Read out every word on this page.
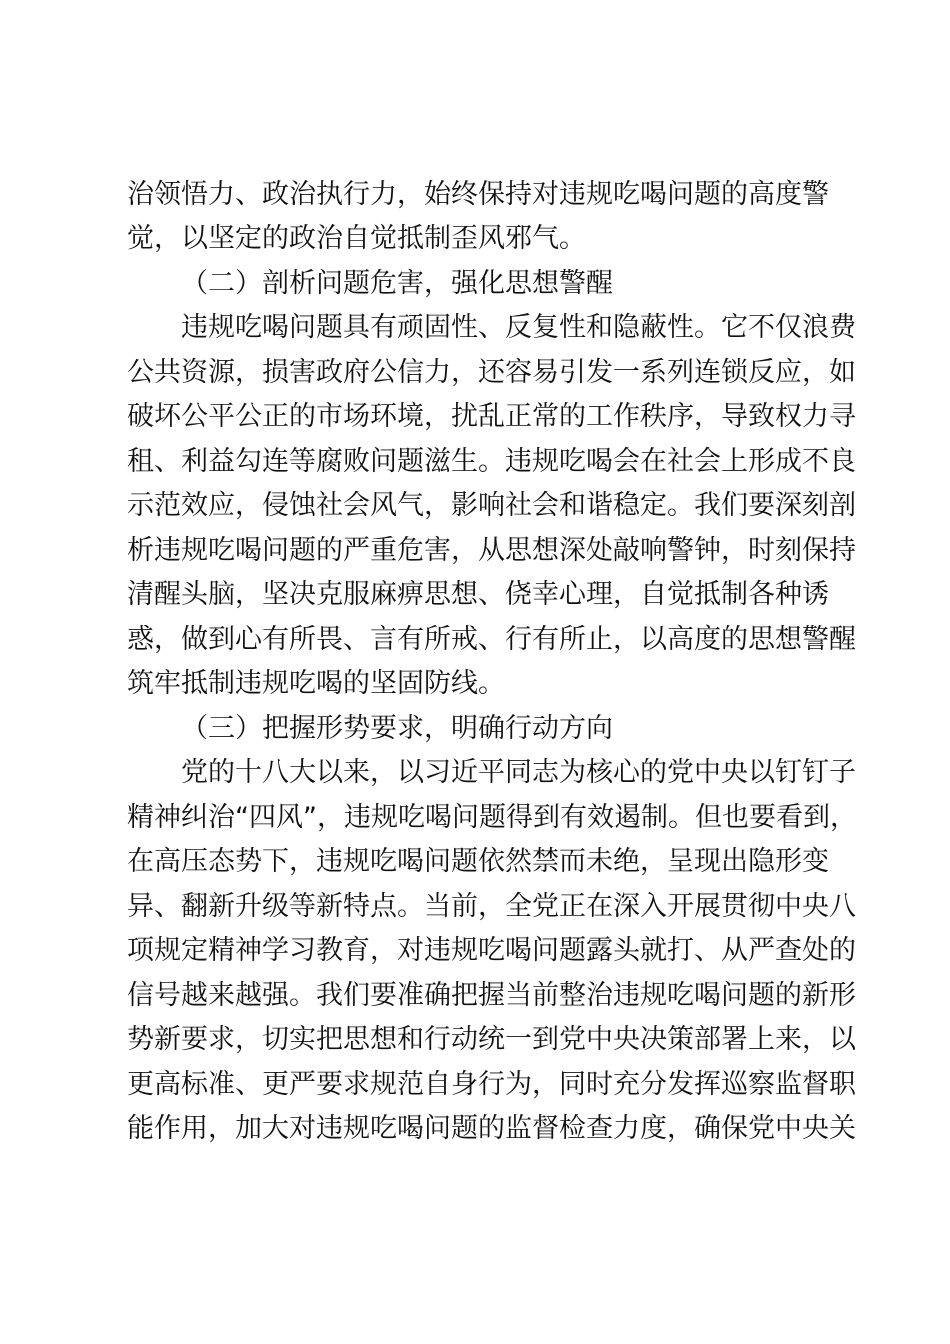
治领悟力、政治执行力，始终保持对违规吃喝问题的高度警
觉，以坚定的政治自觉抵制歪风邪气。
（二）剖析问题危害，强化思想警醒
违规吃喝问题具有顽固性、反复性和隐蔽性。它不仅浪费
公共资源，损害政府公信力，还容易引发一系列连锁反应，如
破坏公平公正的市场环境，扰乱正常的工作秩序，导致权力寻
租、利益勾连等腐败问题滋生。违规吃喝会在社会上形成不良
示范效应，侵蚀社会风气，影响社会和谐稳定。我们要深刻剖
析违规吃喝问题的严重危害，从思想深处敲响警钟，时刻保持
清醒头脑，坚决克服麻痹思想、侥幸心理，自觉抵制各种诱
惑，做到心有所畏、言有所戒、行有所止，以高度的思想警醒
筑牢抵制违规吃喝的坚固防线。
（三）把握形势要求，明确行动方向
党的十八大以来，以习近平同志为核心的党中央以钉钉子
精神纠治“四风”，违规吃喝问题得到有效遏制。但也要看到，
在高压态势下，违规吃喝问题依然禁而未绝，呈现出隐形变
异、翻新升级等新特点。当前，全党正在深入开展贯彻中央八
项规定精神学习教育，对违规吃喝问题露头就打、从严查处的
信号越来越强。我们要准确把握当前整治违规吃喝问题的新形
势新要求，切实把思想和行动统一到党中央决策部署上来，以
更高标准、更严要求规范自身行为，同时充分发挥巡察监督职
能作用，加大对违规吃喝问题的监督检查力度，确保党中央关
